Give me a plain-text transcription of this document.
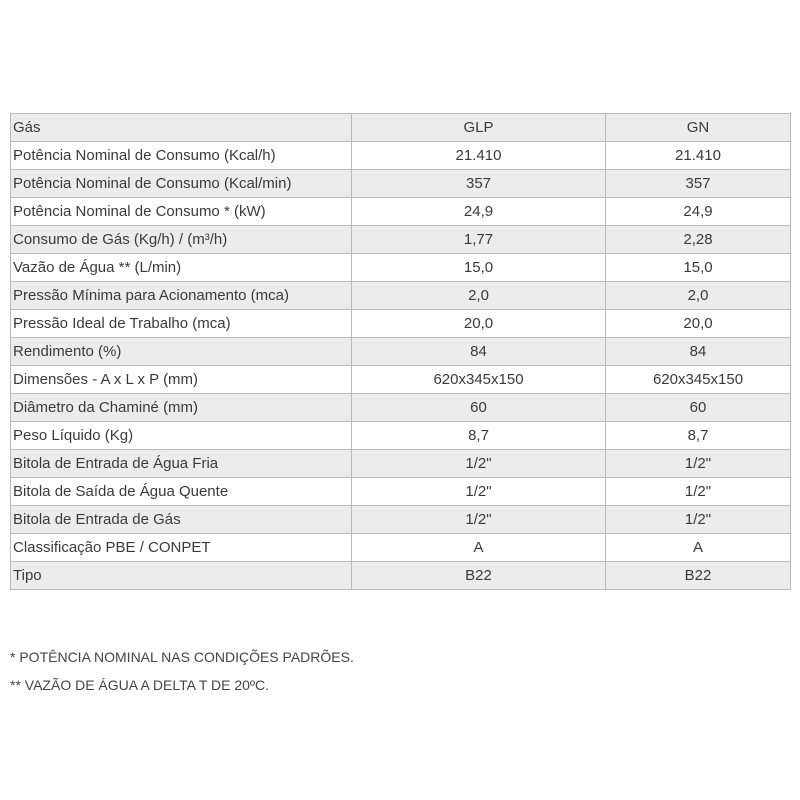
Gás	GLP	GN
Potência Nominal de Consumo (Kcal/h)	21.410	21.410
Potência Nominal de Consumo (Kcal/min)	357	357
Potência Nominal de Consumo * (kW)	24,9	24,9
Consumo de Gás (Kg/h) / (m³/h)	1,77	2,28
Vazão de Água ** (L/min)	15,0	15,0
Pressão Mínima para Acionamento (mca)	2,0	2,0
Pressão Ideal de Trabalho (mca)	20,0	20,0
Rendimento (%)	84	84
Dimensões - A x L x P (mm)	620x345x150	620x345x150
Diâmetro da Chaminé (mm)	60	60
Peso Líquido (Kg)	8,7	8,7
Bitola de Entrada de Água Fria	1/2"	1/2"
Bitola de Saída de Água Quente	1/2"	1/2"
Bitola de Entrada de Gás	1/2"	1/2"
Classificação PBE / CONPET	A	A
Tipo	B22	B22
* POTÊNCIA NOMINAL NAS CONDIÇÕES PADRÕES.
** VAZÃO DE ÁGUA A DELTA T DE 20ºC.
